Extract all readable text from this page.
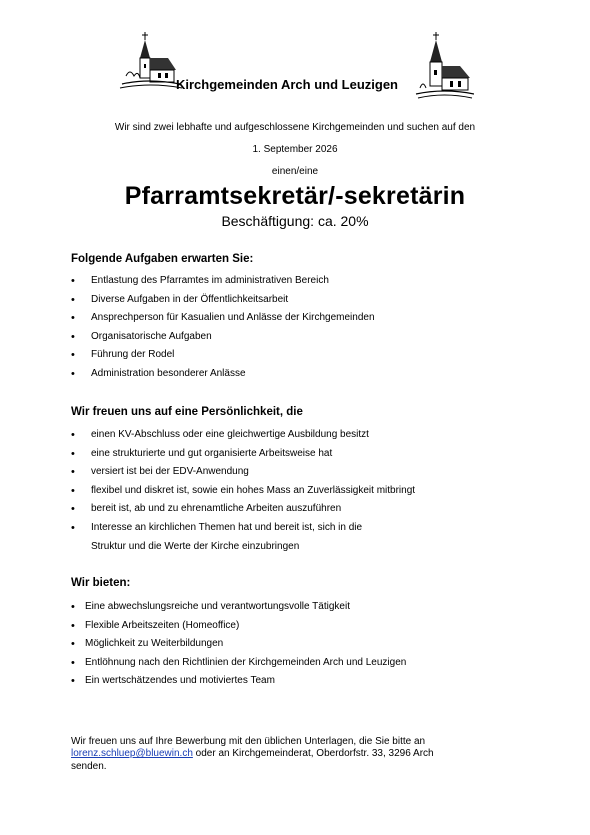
Kirchgemeinden Arch und Leuzigen
Wir sind zwei lebhafte und aufgeschlossene Kirchgemeinden und suchen auf den
1. September 2026
einen/eine
Pfarramtsekretär/-sekretärin
Beschäftigung: ca. 20%
Folgende Aufgaben erwarten Sie:
• Entlastung des Pfarramtes im administrativen Bereich
• Diverse Aufgaben in der Öffentlichkeitsarbeit
• Ansprechperson für Kasualien und Anlässe der Kirchgemeinden
• Organisatorische Aufgaben
• Führung der Rodel
• Administration besonderer Anlässe
Wir freuen uns auf eine Persönlichkeit, die
• einen KV-Abschluss oder eine gleichwertige Ausbildung besitzt
• eine strukturierte und gut organisierte Arbeitsweise hat
• versiert ist bei der EDV-Anwendung
• flexibel und diskret ist, sowie ein hohes Mass an Zuverlässigkeit mitbringt
• bereit ist, ab und zu ehrenamtliche Arbeiten auszuführen
• Interesse an kirchlichen Themen hat und bereit ist, sich in die
Struktur und die Werte der Kirche einzubringen
Wir bieten:
• Eine abwechslungsreiche und verantwortungsvolle Tätigkeit
• Flexible Arbeitszeiten (Homeoffice)
• Möglichkeit zu Weiterbildungen
• Entlöhnung nach den Richtlinien der Kirchgemeinden Arch und Leuzigen
• Ein wertschätzendes und motiviertes Team
Wir freuen uns auf Ihre Bewerbung mit den üblichen Unterlagen, die Sie bitte an
lorenz.schluep@bluewin.ch oder an Kirchgemeinderat, Oberdorfstr. 33, 3296 Arch
senden.
